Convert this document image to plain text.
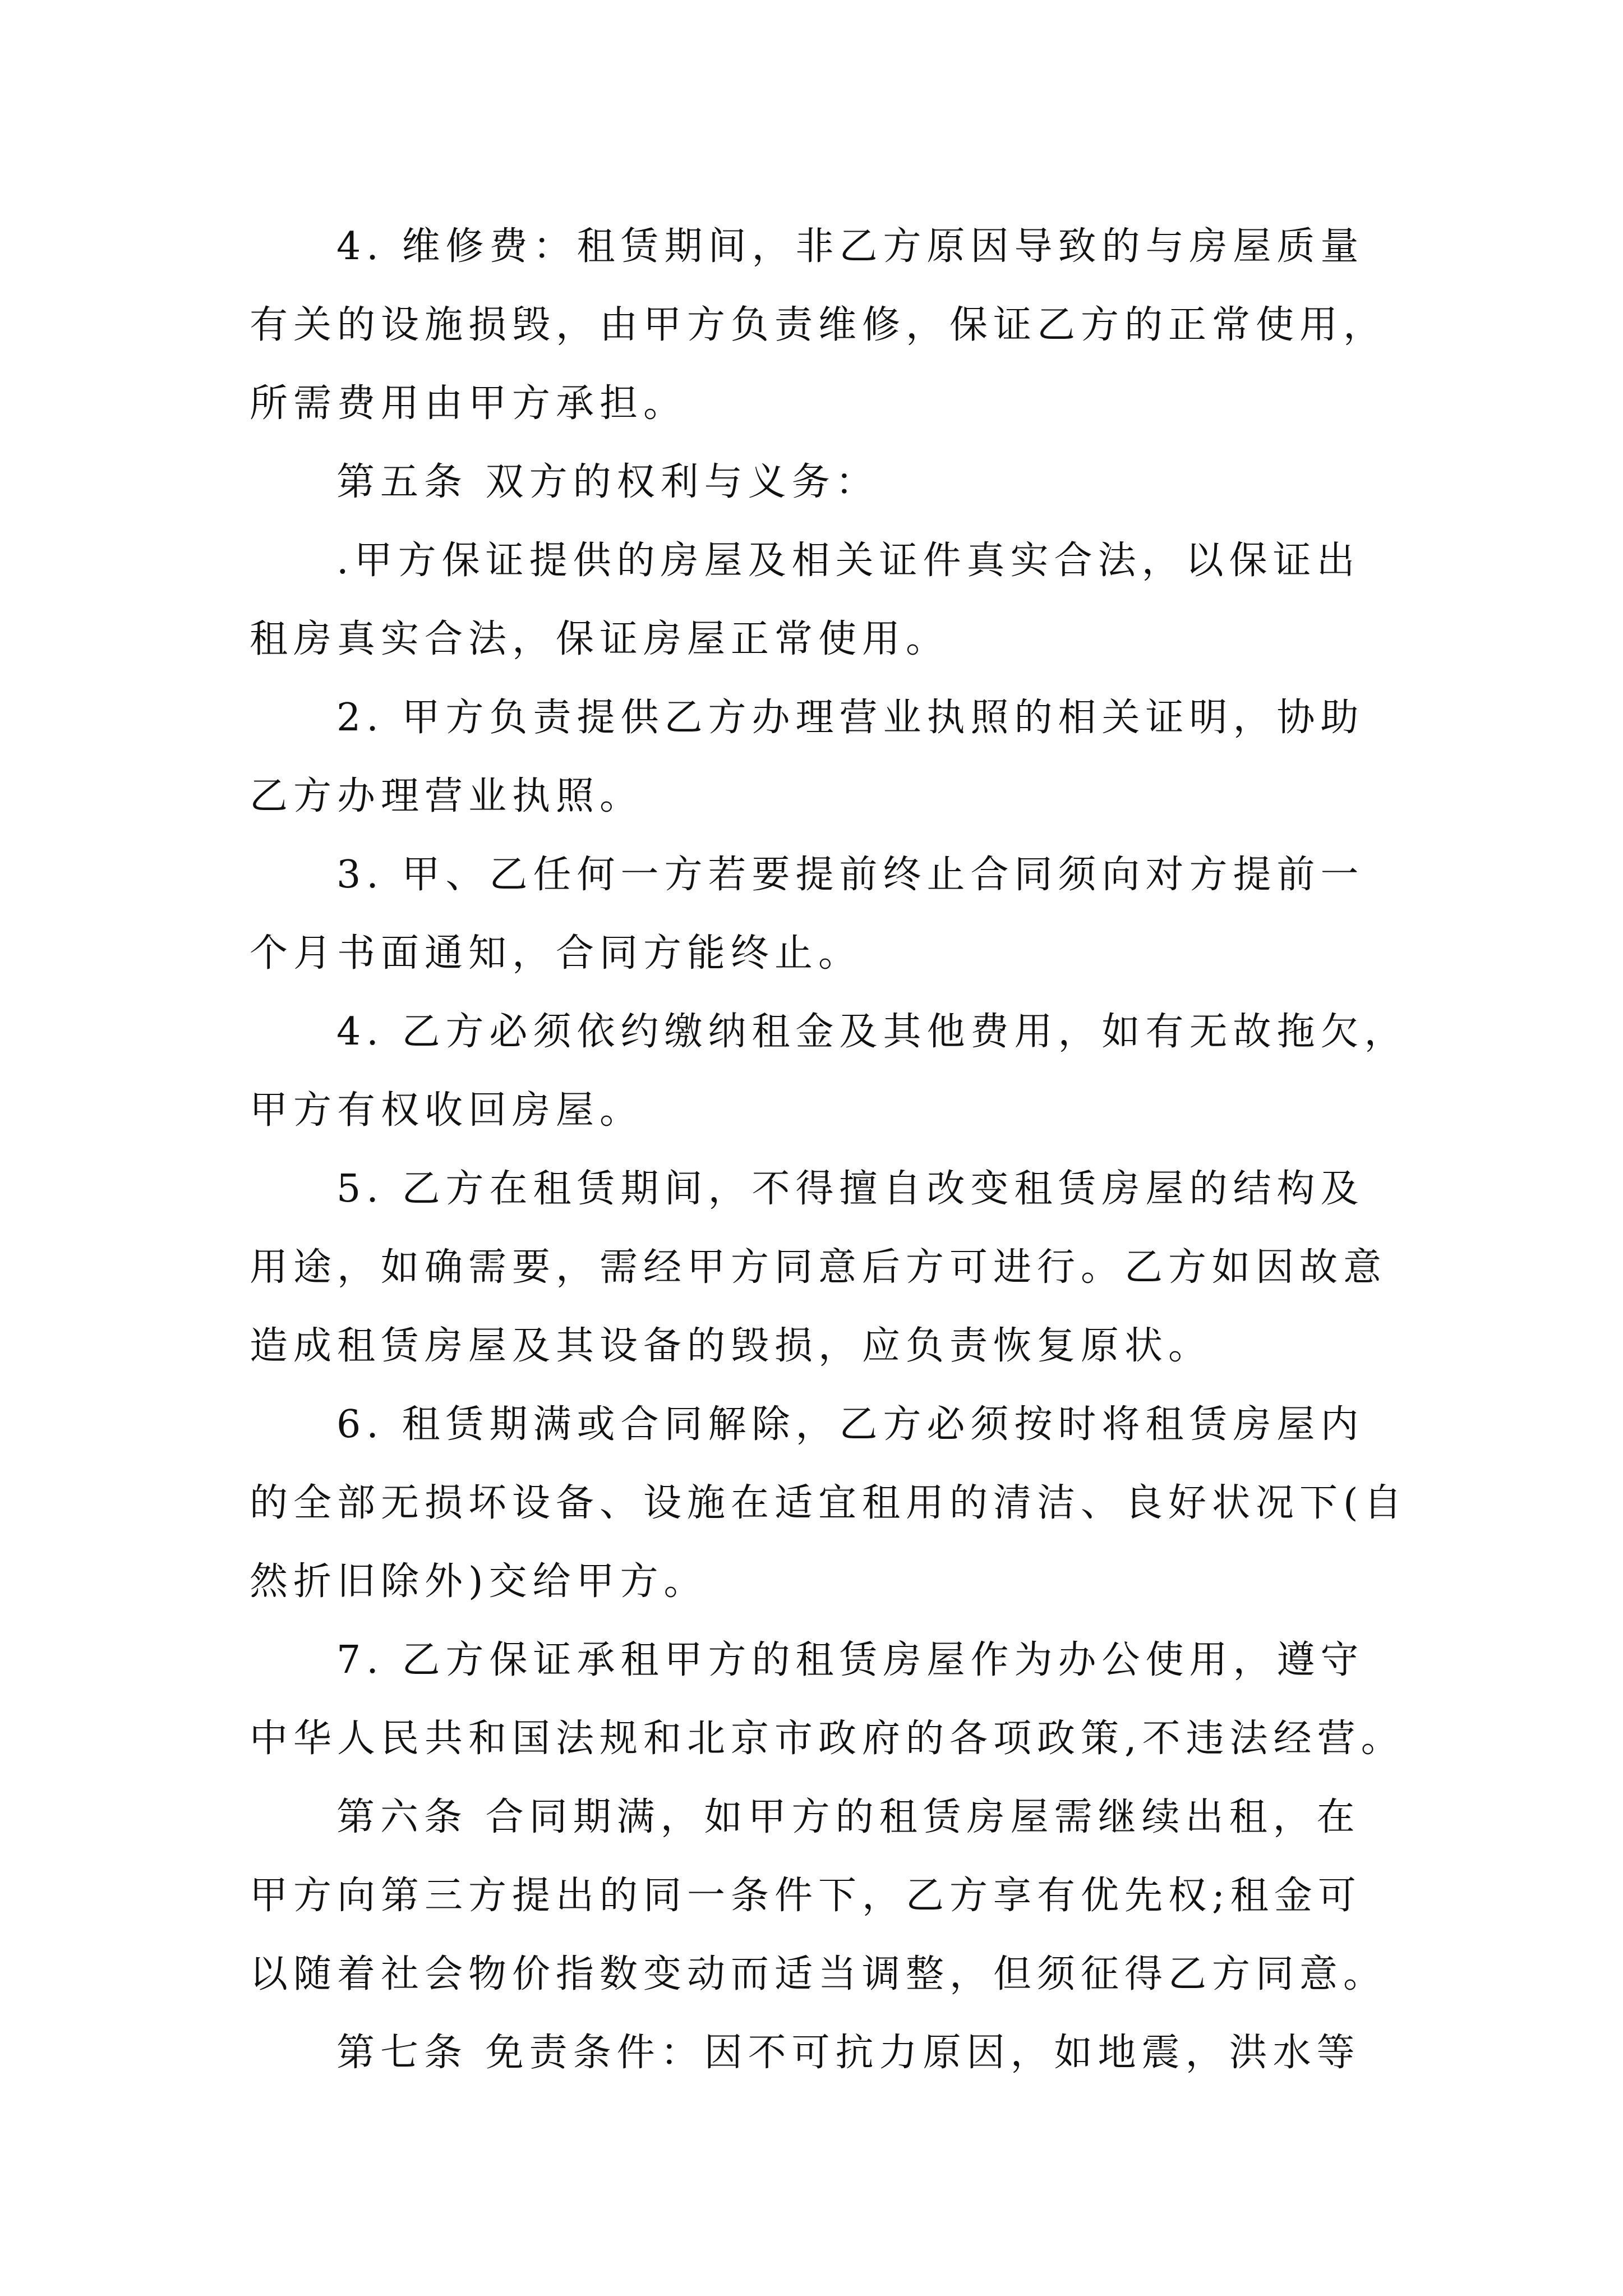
4. 维修费：租赁期间，非乙方原因导致的与房屋质量
有关的设施损毁，由甲方负责维修，保证乙方的正常使用，
所需费用由甲方承担。
第五条 双方的权利与义务：
.甲方保证提供的房屋及相关证件真实合法，以保证出
租房真实合法，保证房屋正常使用。
2. 甲方负责提供乙方办理营业执照的相关证明，协助
乙方办理营业执照。
3. 甲、乙任何一方若要提前终止合同须向对方提前一
个月书面通知，合同方能终止。
4. 乙方必须依约缴纳租金及其他费用，如有无故拖欠，
甲方有权收回房屋。
5. 乙方在租赁期间，不得擅自改变租赁房屋的结构及
用途，如确需要，需经甲方同意后方可进行。乙方如因故意
造成租赁房屋及其设备的毁损，应负责恢复原状。
6. 租赁期满或合同解除，乙方必须按时将租赁房屋内
的全部无损坏设备、设施在适宜租用的清洁、良好状况下(自
然折旧除外)交给甲方。
7. 乙方保证承租甲方的租赁房屋作为办公使用，遵守
中华人民共和国法规和北京市政府的各项政策,不违法经营。
第六条 合同期满，如甲方的租赁房屋需继续出租，在
甲方向第三方提出的同一条件下，乙方享有优先权;租金可
以随着社会物价指数变动而适当调整，但须征得乙方同意。
第七条 免责条件：因不可抗力原因，如地震，洪水等
